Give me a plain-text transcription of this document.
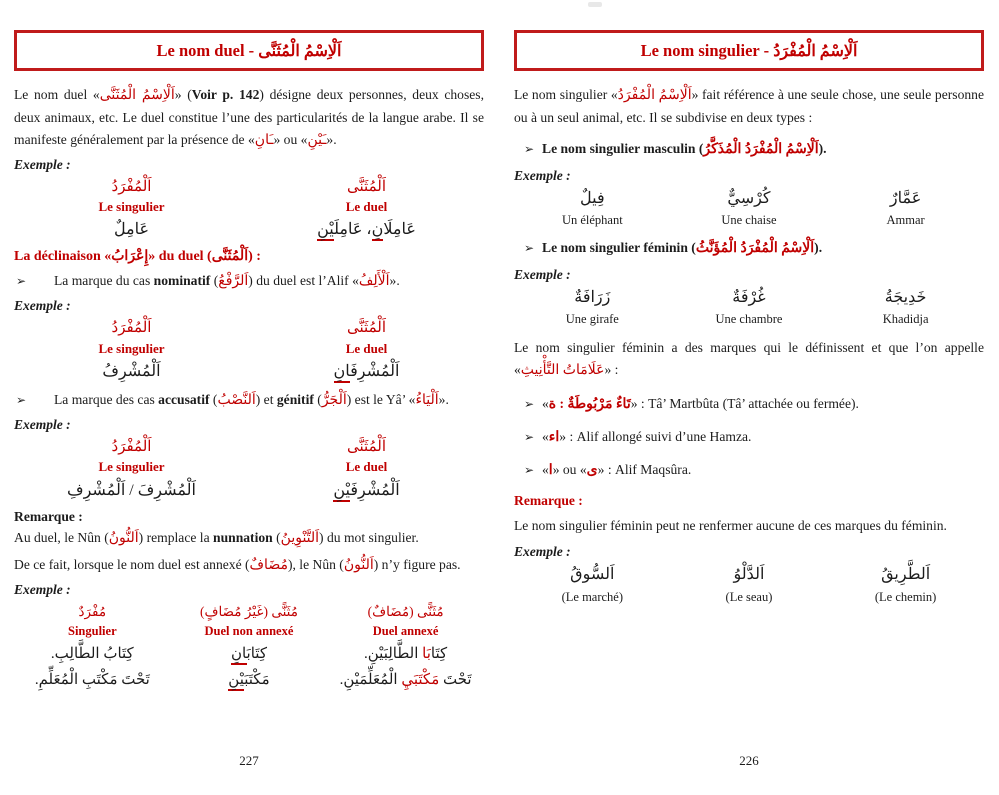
Le nom duel - اَلْاِسْمُ الْمُثَنَّى

Le nom duel «اَلْاِسْمُ الْمُثَنَّى» (Voir p. 142) désigne deux personnes, deux choses, deux animaux, etc. Le duel constitue l’une des particularités de la langue arabe. Il se manifeste généralement par la présence de «ـَانِ» ou «ـَيْنِ».

Exemple :
اَلْمُفْرَدُ
Le singulier
عَامِلٌ
اَلْمُثَنَّى
Le duel
عَامِلَانِ، عَامِلَيْنِ
La déclinaison «إِعْرَابُ» du duel (اَلْمُثَنَّى) :
➢	La marque du cas nominatif (اَلرَّفْعُ) du duel est l’Alif «اَلْأَلِفُ».
Exemple :
اَلْمُفْرَدُ
Le singulier
اَلْمُشْرِفُ
اَلْمُثَنَّى
Le duel
اَلْمُشْرِفَانِ
➢	La marque des cas accusatif (اَلنَّصْبُ) et génitif (اَلْجَرُّ) est le Yâ’ «اَلْيَاءُ».
Exemple :
اَلْمُفْرَدُ
Le singulier
اَلْمُشْرِفَ / اَلْمُشْرِفِ
اَلْمُثَنَّى
Le duel
اَلْمُشْرِفَيْنِ
Remarque :

Au duel, le Nûn (اَلنُّونُ) remplace la nunnation (اَلتَّنْوِينُ) du mot singulier.

De ce fait, lorsque le nom duel est annexé (مُضَافٌ), le Nûn (اَلنُّونُ) n’y figure pas.

Exemple :
مُفْرَدٌ
Singulier
كِتَابُ الطَّالِبِ.
تَحْتَ مَكْتَبِ الْمُعَلِّمِ.
مُثَنًّى (غَيْرُ مُضَافٍ)
Duel non annexé
كِتَابَانِ
مَكْتَبَيْنِ
مُثَنًّى (مُضَافٌ)
Duel annexé
كِتَابَا الطَّالِبَيْنِ.
تَحْتَ مَكْتَبَيِ الْمُعَلِّمَيْنِ.
227
Le nom singulier - اَلْاِسْمُ الْمُفْرَدُ

Le nom singulier «اَلْاِسْمُ الْمُفْرَدُ» fait référence à une seule chose, une seule personne ou à un seul animal, etc. Il se subdivise en deux types :

➢ Le nom singulier masculin (اَلْاِسْمُ الْمُفْرَدُ الْمُذَكَّرُ).
Exemple :
فِيلٌ
Un éléphant
كُرْسِيٌّ
Une chaise
عَمَّارٌ
Ammar
➢ Le nom singulier féminin (اَلْاِسْمُ الْمُفْرَدُ الْمُؤَنَّثُ).
Exemple :
زَرَافَةٌ
Une girafe
غُرْفَةٌ
Une chambre
خَدِيجَةُ
Khadidja

Le nom singulier féminin a des marques qui le définissent et que l’on appelle «عَلَامَاتُ التَّأْنِيثِ» :

➢ «ة : تَاءٌ مَرْبُوطَةٌ» : Tâ’ Martbûta (Tâ’ attachée ou fermée).
➢ «اء» : Alif allongé suivi d’une Hamza.
➢ «ا» ou «ى» : Alif Maqsûra.
Remarque :

Le nom singulier féminin peut ne renfermer aucune de ces marques du féminin.

Exemple :
اَلسُّوقُ
(Le marché)
اَلدَّلْوُ
(Le seau)
اَلطَّرِيقُ
(Le chemin)
226
